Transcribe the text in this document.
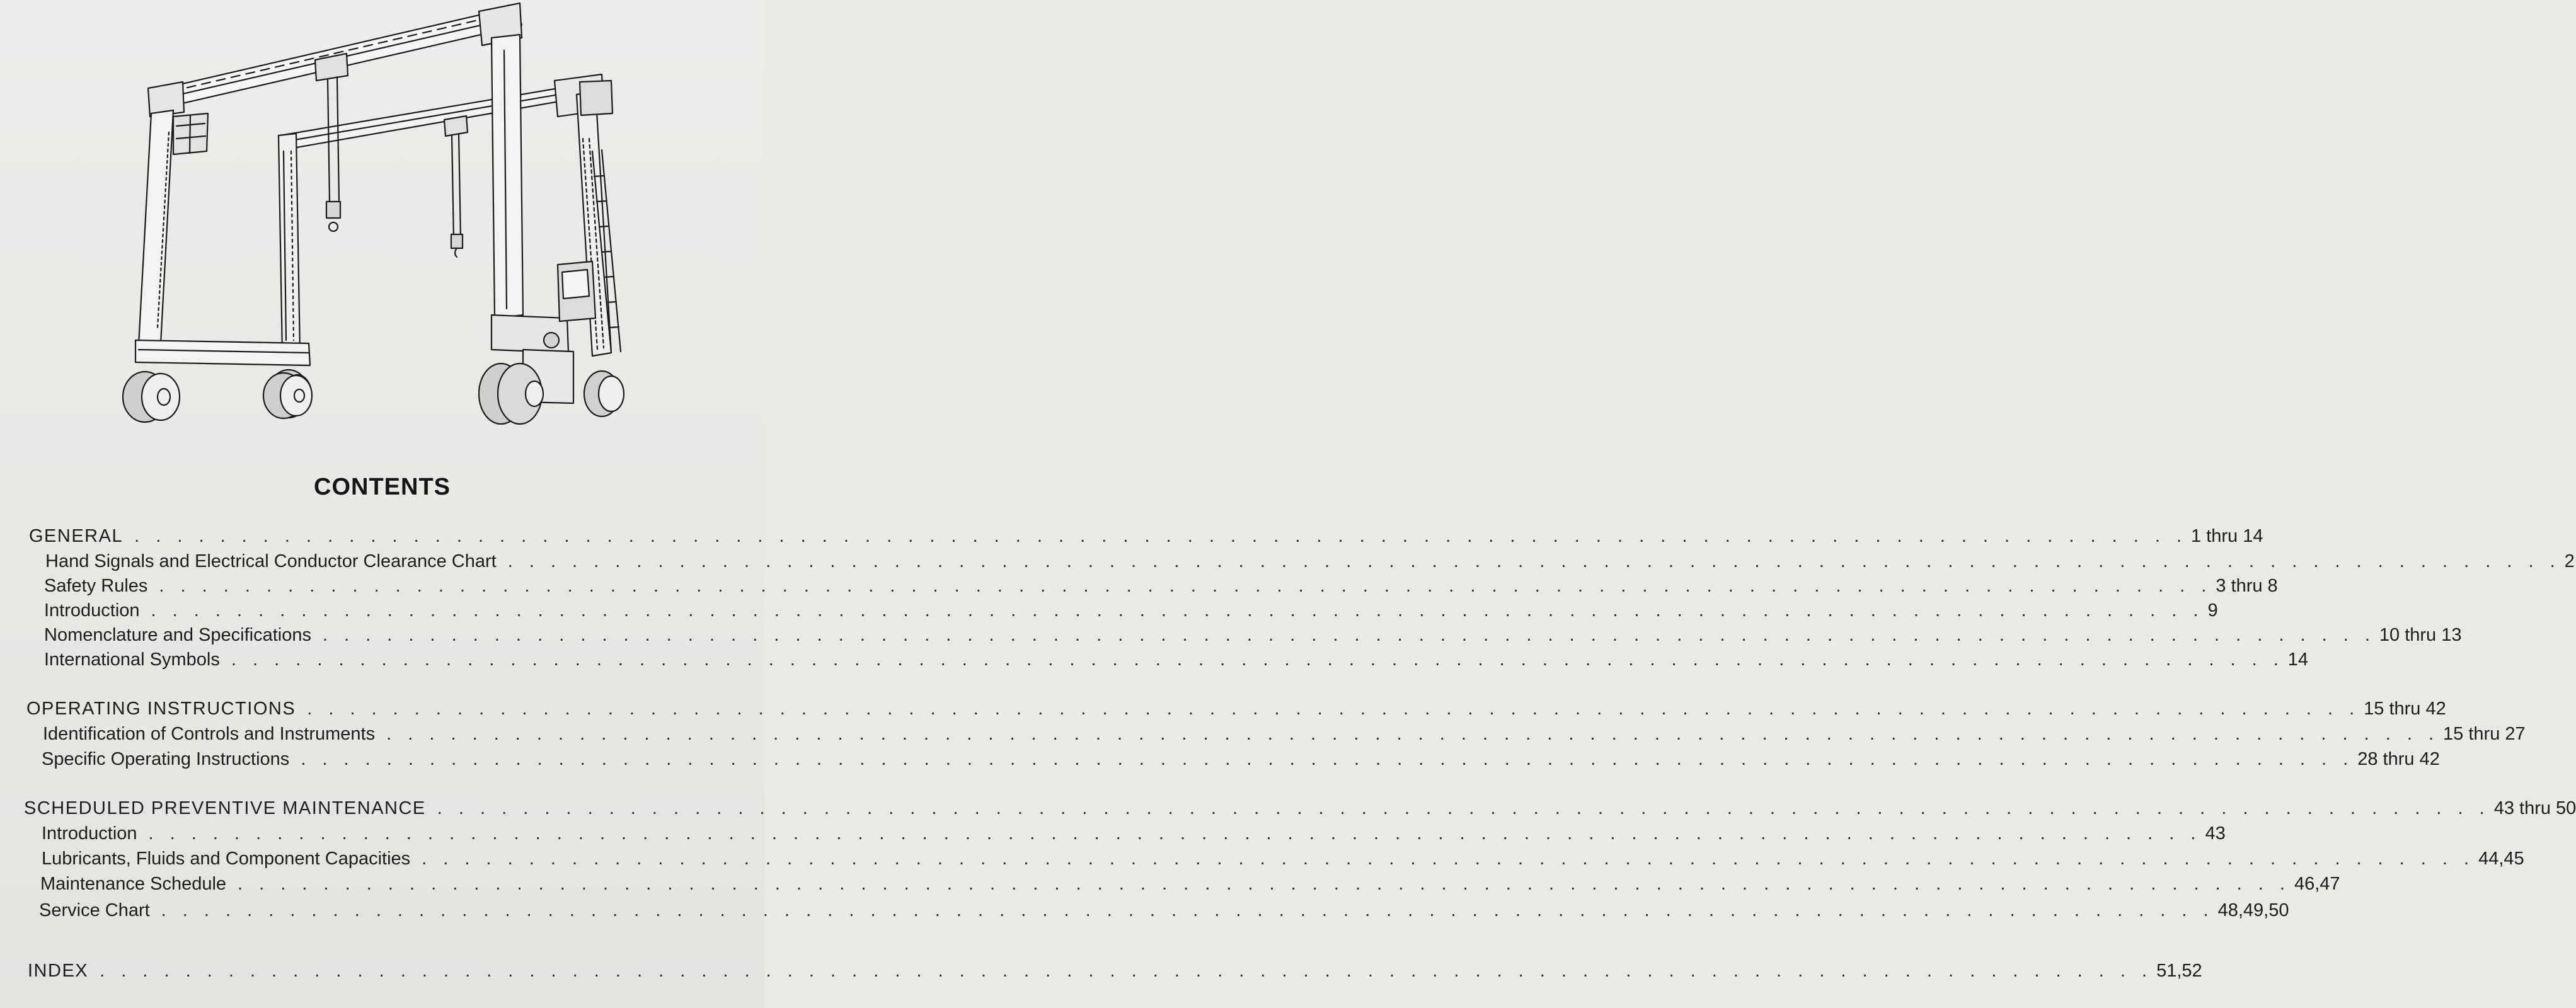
CONTENTS
GENERAL . . . . . . . . . . . . . . . . . . . . . . . . . . . . . . . . . . . . . . . . . . . . . . . . . . . . . . . . . . . . . . . . . . . . . . . . . . . . . . . . . . . . . . . . . . . . . . . . 1 thru 14
Hand Signals and Electrical Conductor Clearance Chart . . . . . . . . . . . . . . . . . . . . . . . . . . . . . . . . . . . . . . . . . . . . . . . . . . . . . . . . . . . . . . . . . . . . . . . . . . . . . . . . . . . . . . . . . . . . . . . . 2
Safety Rules . . . . . . . . . . . . . . . . . . . . . . . . . . . . . . . . . . . . . . . . . . . . . . . . . . . . . . . . . . . . . . . . . . . . . . . . . . . . . . . . . . . . . . . . . . . . . . . . 3 thru 8
Introduction . . . . . . . . . . . . . . . . . . . . . . . . . . . . . . . . . . . . . . . . . . . . . . . . . . . . . . . . . . . . . . . . . . . . . . . . . . . . . . . . . . . . . . . . . . . . . . . . 9
Nomenclature and Specifications . . . . . . . . . . . . . . . . . . . . . . . . . . . . . . . . . . . . . . . . . . . . . . . . . . . . . . . . . . . . . . . . . . . . . . . . . . . . . . . . . . . . . . . . . . . . . . . . 10 thru 13
International Symbols . . . . . . . . . . . . . . . . . . . . . . . . . . . . . . . . . . . . . . . . . . . . . . . . . . . . . . . . . . . . . . . . . . . . . . . . . . . . . . . . . . . . . . . . . . . . . . . . 14
OPERATING INSTRUCTIONS . . . . . . . . . . . . . . . . . . . . . . . . . . . . . . . . . . . . . . . . . . . . . . . . . . . . . . . . . . . . . . . . . . . . . . . . . . . . . . . . . . . . . . . . . . . . . . . . 15 thru 42
Identification of Controls and Instruments . . . . . . . . . . . . . . . . . . . . . . . . . . . . . . . . . . . . . . . . . . . . . . . . . . . . . . . . . . . . . . . . . . . . . . . . . . . . . . . . . . . . . . . . . . . . . . . . 15 thru 27
Specific Operating Instructions . . . . . . . . . . . . . . . . . . . . . . . . . . . . . . . . . . . . . . . . . . . . . . . . . . . . . . . . . . . . . . . . . . . . . . . . . . . . . . . . . . . . . . . . . . . . . . . . 28 thru 42
SCHEDULED PREVENTIVE MAINTENANCE . . . . . . . . . . . . . . . . . . . . . . . . . . . . . . . . . . . . . . . . . . . . . . . . . . . . . . . . . . . . . . . . . . . . . . . . . . . . . . . . . . . . . . . . . . . . . . . . 43 thru 50
Introduction . . . . . . . . . . . . . . . . . . . . . . . . . . . . . . . . . . . . . . . . . . . . . . . . . . . . . . . . . . . . . . . . . . . . . . . . . . . . . . . . . . . . . . . . . . . . . . . . 43
Lubricants, Fluids and Component Capacities . . . . . . . . . . . . . . . . . . . . . . . . . . . . . . . . . . . . . . . . . . . . . . . . . . . . . . . . . . . . . . . . . . . . . . . . . . . . . . . . . . . . . . . . . . . . . . . . 44,45
Maintenance Schedule . . . . . . . . . . . . . . . . . . . . . . . . . . . . . . . . . . . . . . . . . . . . . . . . . . . . . . . . . . . . . . . . . . . . . . . . . . . . . . . . . . . . . . . . . . . . . . . . 46,47
Service Chart . . . . . . . . . . . . . . . . . . . . . . . . . . . . . . . . . . . . . . . . . . . . . . . . . . . . . . . . . . . . . . . . . . . . . . . . . . . . . . . . . . . . . . . . . . . . . . . . 48,49,50
INDEX . . . . . . . . . . . . . . . . . . . . . . . . . . . . . . . . . . . . . . . . . . . . . . . . . . . . . . . . . . . . . . . . . . . . . . . . . . . . . . . . . . . . . . . . . . . . . . . . 51,52
